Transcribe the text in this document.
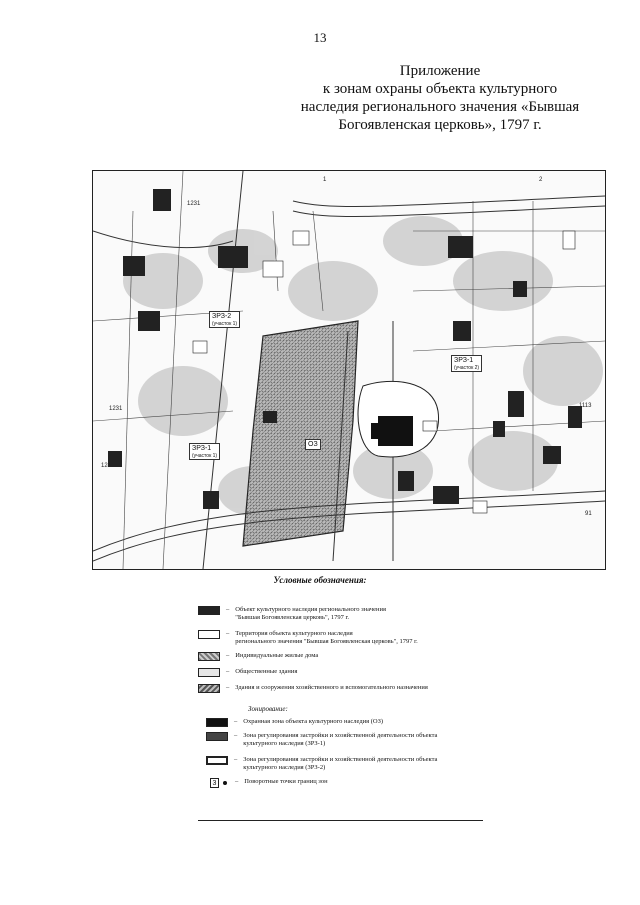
13
Приложение
к зонам охраны объекта культурного
наследия регионального значения «Бывшая
Богоявленская церковь», 1797 г.
ЗРЗ-2
(участок 1)
ЗРЗ-1
(участок 2)
ЗРЗ-1
(участок 1)
ОЗ
1231
1231	1113
91
1241
1	2
Условные обозначения:
– Объект культурного наследия регионального значения
"Бывшая Богоявленская церковь", 1797 г.
– Территория объекта культурного наследия
регионального значения "Бывшая Богоявленская церковь", 1797 г.
– Индивидуальные жилые дома
– Общественные здания
– Здания и сооружения хозяйственного и вспомогательного назначения
Зонирование:
– Охранная зона объекта культурного наследия (ОЗ)
– Зона регулирования застройки и хозяйственной деятельности объекта
культурного наследия (ЗРЗ-1)
– Зона регулирования застройки и хозяйственной деятельности объекта
культурного наследия (ЗРЗ-2)
3	– Поворотные точки границ зон
